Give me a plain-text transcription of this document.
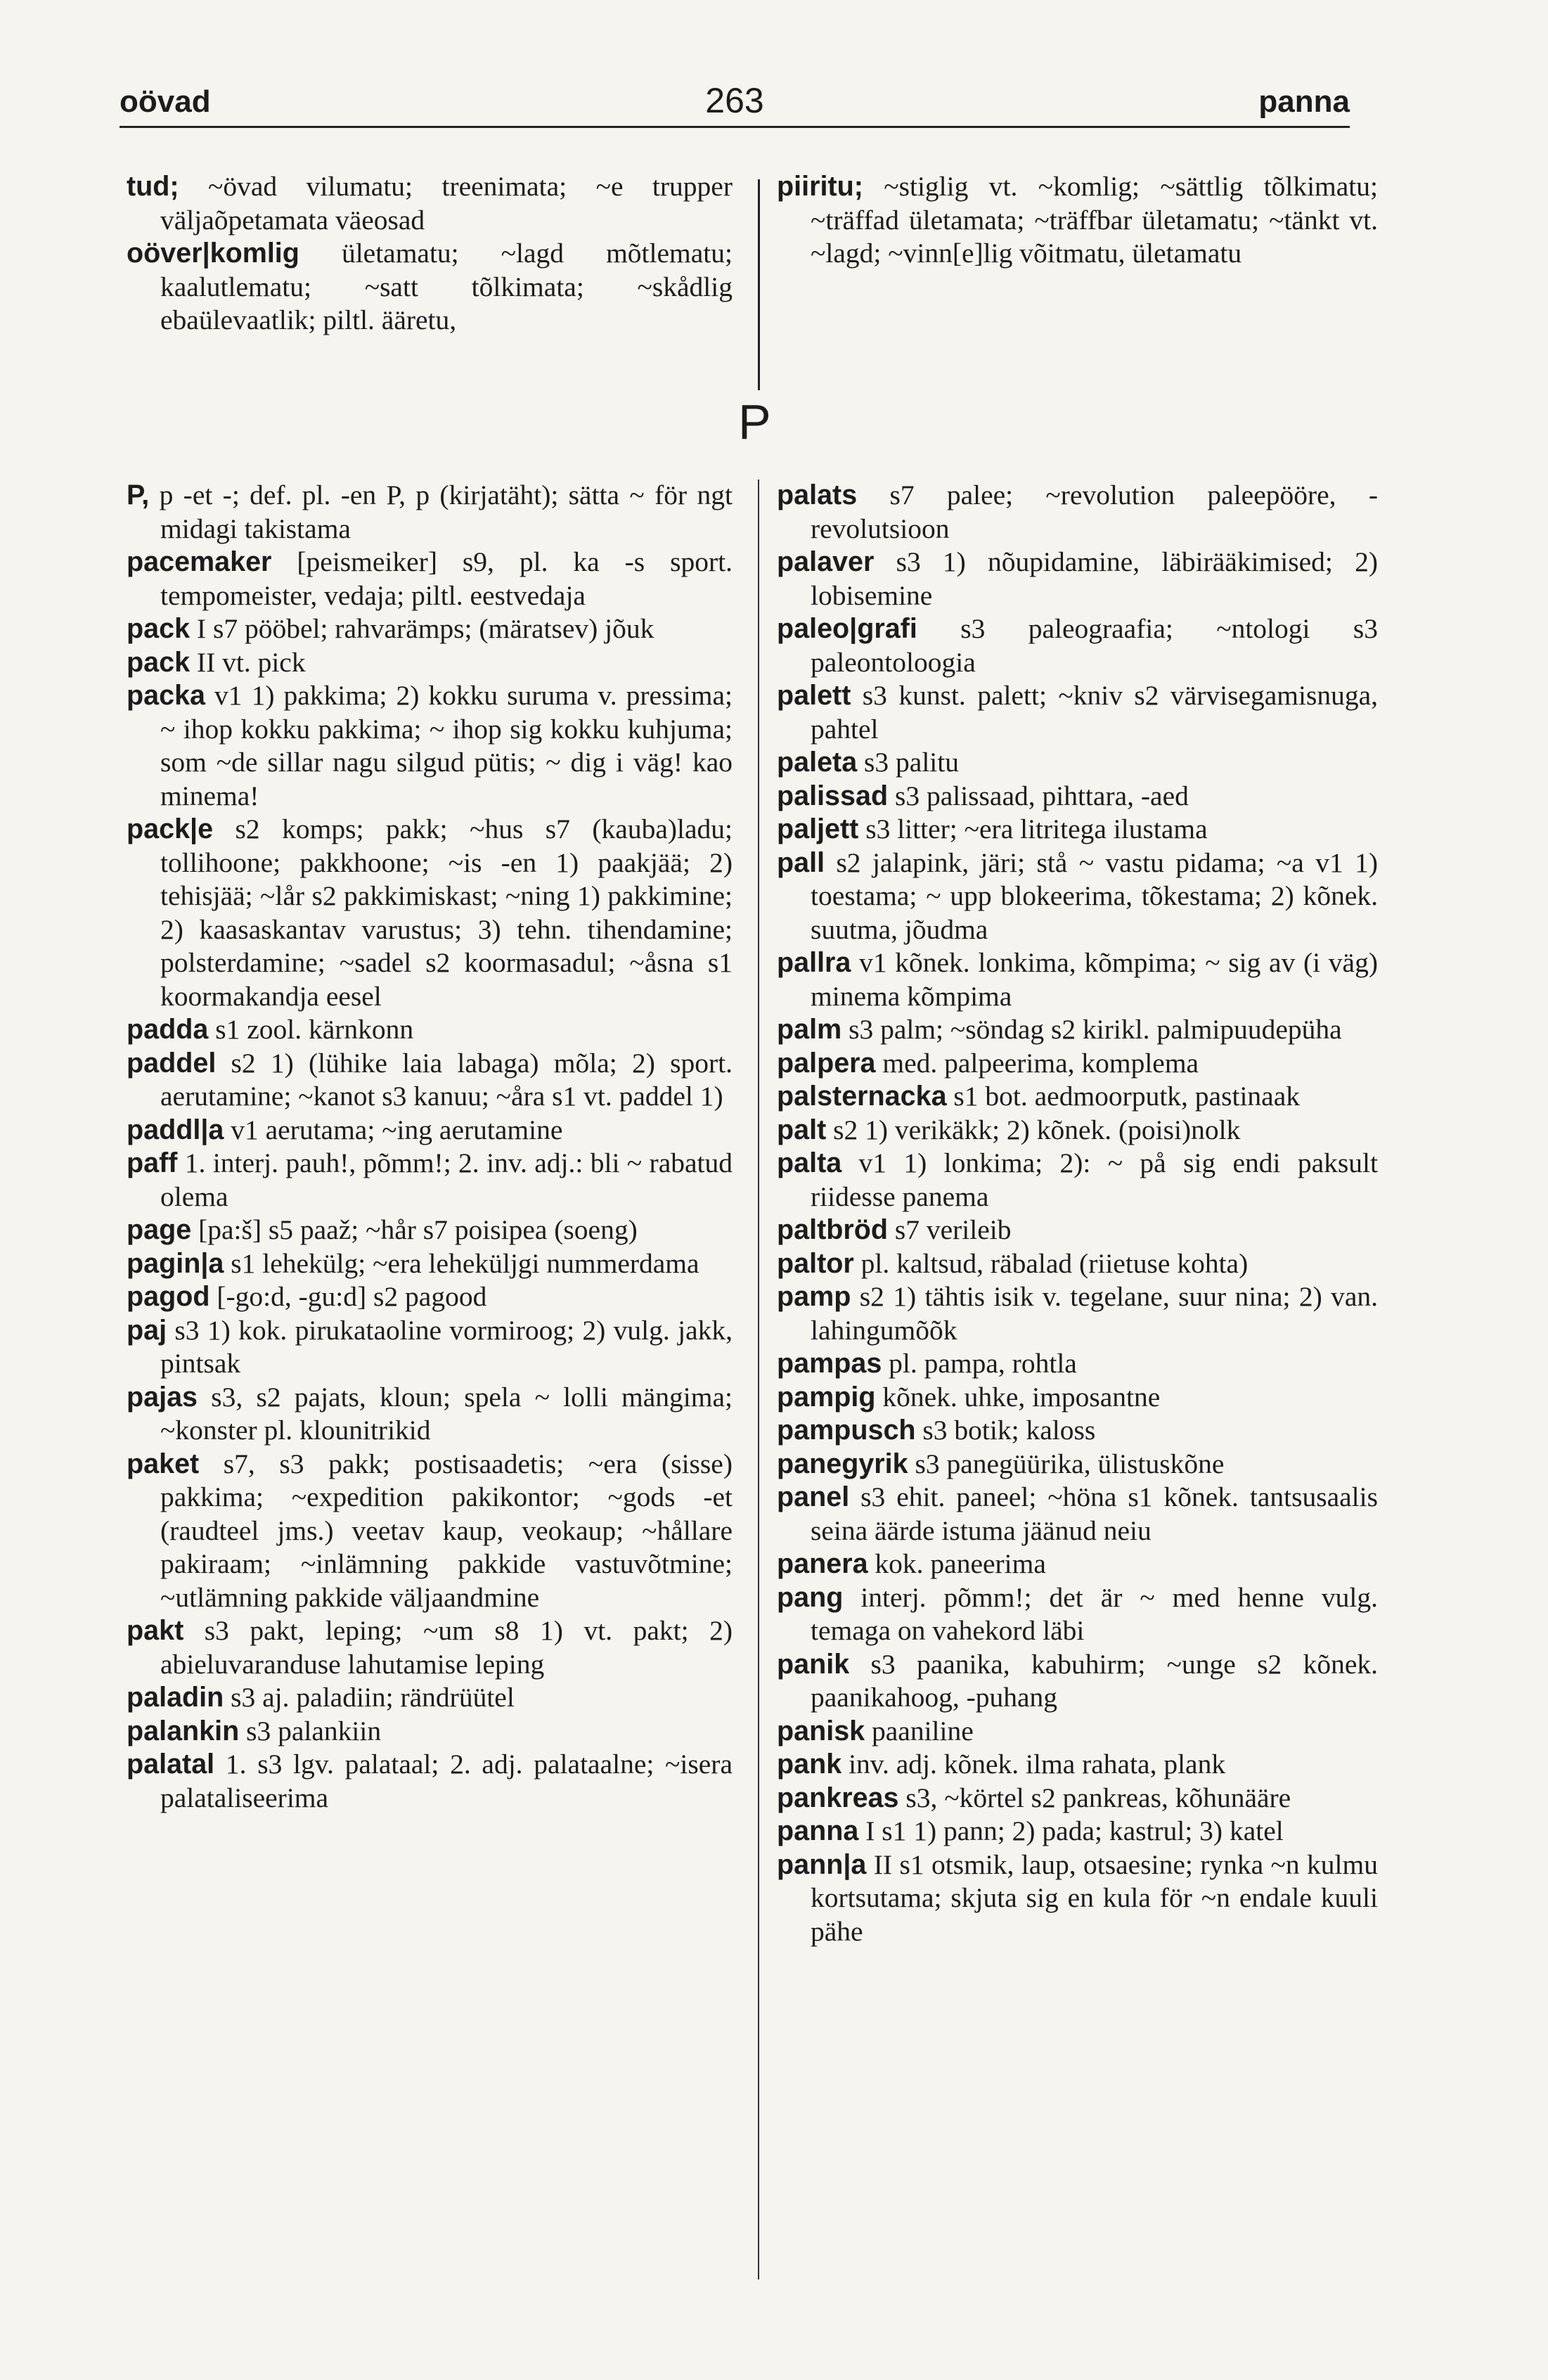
oövad	263	panna

tud; ~övad vilumatu; treenimata; ~e trupper väljaõpetamata väeosad

oöver|komlig ületamatu; ~lagd mõtlematu; kaalutlematu; ~satt tõlkimata; ~skådlig ebaülevaatlik; piltl. ääretu,

piiritu; ~stiglig vt. ~komlig; ~sättlig tõlkimatu; ~träffad ületamata; ~träffbar ületamatu; ~tänkt vt. ~lagd; ~vinn[e]lig võitmatu, ületamatu

P

P, p -et -; def. pl. -en P, p (kirjatäht); sätta ~ för ngt midagi takistama

pacemaker [peismeiker] s9, pl. ka -s sport. tempomeister, vedaja; piltl. eestvedaja

pack I s7 pööbel; rahvarämps; (märatsev) jõuk

pack II vt. pick

packa v1 1) pakkima; 2) kokku suruma v. pressima; ~ ihop kokku pakkima; ~ ihop sig kokku kuhjuma; som ~de sillar nagu silgud pütis; ~ dig i väg! kao minema!

pack|e s2 komps; pakk; ~hus s7 (kauba)ladu; tollihoone; pakkhoone; ~is -en 1) paakjää; 2) tehisjää; ~lår s2 pakkimiskast; ~ning 1) pakkimine; 2) kaasaskantav varustus; 3) tehn. tihendamine; polsterdamine; ~sadel s2 koormasadul; ~åsna s1 koormakandja eesel

padda s1 zool. kärnkonn

paddel s2 1) (lühike laia labaga) mõla; 2) sport. aerutamine; ~kanot s3 kanuu; ~åra s1 vt. paddel 1)

paddl|a v1 aerutama; ~ing aerutamine

paff 1. interj. pauh!, põmm!; 2. inv. adj.: bli ~ rabatud olema

page [pa:š] s5 paaž; ~hår s7 poisipea (soeng)

pagin|a s1 lehekülg; ~era leheküljgi nummerdama

pagod [-go:d, -gu:d] s2 pagood

paj s3 1) kok. pirukataoline vormiroog; 2) vulg. jakk, pintsak

pajas s3, s2 pajats, kloun; spela ~ lolli mängima; ~konster pl. klounitrikid

paket s7, s3 pakk; postisaadetis; ~era (sisse) pakkima; ~expedition pakikontor; ~gods -et (raudteel jms.) veetav kaup, veokaup; ~hållare pakiraam; ~inlämning pakkide vastuvõtmine; ~utlämning pakkide väljaandmine

pakt s3 pakt, leping; ~um s8 1) vt. pakt; 2) abieluvaranduse lahutamise leping

paladin s3 aj. paladiin; rändrüütel

palankin s3 palankiin

palatal 1. s3 lgv. palataal; 2. adj. palataalne; ~isera palataliseerima

palats s7 palee; ~revolution paleepööre, -revolutsioon

palaver s3 1) nõupidamine, läbirääkimised; 2) lobisemine

paleo|grafi s3 paleograafia; ~ntologi s3 paleontoloogia

palett s3 kunst. palett; ~kniv s2 värvisegamisnuga, pahtel

paleta s3 palitu

palissad s3 palissaad, pihttara, -aed

paljett s3 litter; ~era litritega ilustama

pall s2 jalapink, järi; stå ~ vastu pidama; ~a v1 1) toestama; ~ upp blokeerima, tõkestama; 2) kõnek. suutma, jõudma

pallra v1 kõnek. lonkima, kõmpima; ~ sig av (i väg) minema kõmpima

palm s3 palm; ~söndag s2 kirikl. palmipuudepüha

palpera med. palpeerima, komplema

palsternacka s1 bot. aedmoorputk, pastinaak

palt s2 1) verikäkk; 2) kõnek. (poisi)nolk

palta v1 1) lonkima; 2): ~ på sig endi paksult riidesse panema

paltbröd s7 verileib

paltor pl. kaltsud, räbalad (riietuse kohta)

pamp s2 1) tähtis isik v. tegelane, suur nina; 2) van. lahingumõõk

pampas pl. pampa, rohtla

pampig kõnek. uhke, imposantne

pampusch s3 botik; kaloss

panegyrik s3 panegüürika, ülistuskõne

panel s3 ehit. paneel; ~höna s1 kõnek. tantsusaalis seina äärde istuma jäänud neiu

panera kok. paneerima

pang interj. põmm!; det är ~ med henne vulg. temaga on vahekord läbi

panik s3 paanika, kabuhirm; ~unge s2 kõnek. paanikahoog, -puhang

panisk paaniline

pank inv. adj. kõnek. ilma rahata, plank

pankreas s3, ~körtel s2 pankreas, kõhunääre

panna I s1 1) pann; 2) pada; kastrul; 3) katel

pann|a II s1 otsmik, laup, otsaesine; rynka ~n kulmu kortsutama; skjuta sig en kula för ~n endale kuuli pähe
